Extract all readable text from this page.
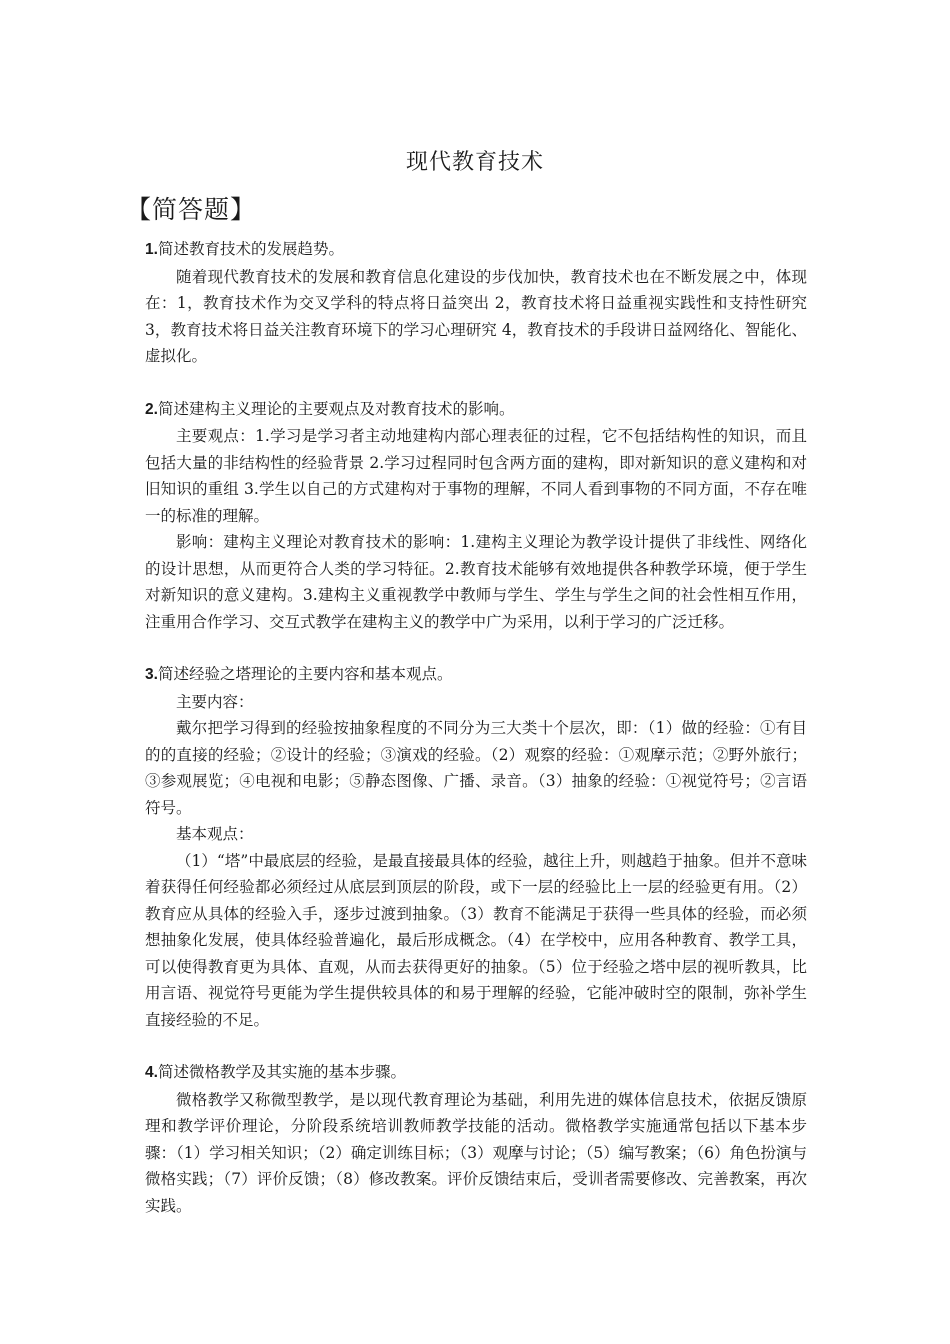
现代教育技术
【简答题】

1.简述教育技术的发展趋势。

随着现代教育技术的发展和教育信息化建设的步伐加快，教育技术也在不断发展之中，体现在：1，教育技术作为交叉学科的特点将日益突出 2，教育技术将日益重视实践性和支持性研究 3，教育技术将日益关注教育环境下的学习心理研究 4，教育技术的手段讲日益网络化、智能化、虚拟化。

2.简述建构主义理论的主要观点及对教育技术的影响。

主要观点：1.学习是学习者主动地建构内部心理表征的过程，它不包括结构性的知识，而且包括大量的非结构性的经验背景 2.学习过程同时包含两方面的建构，即对新知识的意义建构和对旧知识的重组 3.学生以自己的方式建构对于事物的理解，不同人看到事物的不同方面，不存在唯一的标准的理解。

影响：建构主义理论对教育技术的影响：1.建构主义理论为教学设计提供了非线性、网络化的设计思想，从而更符合人类的学习特征。2.教育技术能够有效地提供各种教学环境，便于学生对新知识的意义建构。3.建构主义重视教学中教师与学生、学生与学生之间的社会性相互作用，注重用合作学习、交互式教学在建构主义的教学中广为采用，以利于学习的广泛迁移。

3.简述经验之塔理论的主要内容和基本观点。

主要内容：

戴尔把学习得到的经验按抽象程度的不同分为三大类十个层次，即：（1）做的经验：①有目的的直接的经验；②设计的经验；③演戏的经验。（2）观察的经验：①观摩示范；②野外旅行；③参观展览；④电视和电影；⑤静态图像、广播、录音。（3）抽象的经验：①视觉符号；②言语符号。

基本观点：

（1）“塔”中最底层的经验，是最直接最具体的经验，越往上升，则越趋于抽象。但并不意味着获得任何经验都必须经过从底层到顶层的阶段，或下一层的经验比上一层的经验更有用。（2）教育应从具体的经验入手，逐步过渡到抽象。（3）教育不能满足于获得一些具体的经验，而必须想抽象化发展，使具体经验普遍化，最后形成概念。（4）在学校中，应用各种教育、教学工具，可以使得教育更为具体、直观，从而去获得更好的抽象。（5）位于经验之塔中层的视听教具，比用言语、视觉符号更能为学生提供较具体的和易于理解的经验，它能冲破时空的限制，弥补学生直接经验的不足。

4.简述微格教学及其实施的基本步骤。

微格教学又称微型教学，是以现代教育理论为基础，利用先进的媒体信息技术，依据反馈原理和教学评价理论，分阶段系统培训教师教学技能的活动。微格教学实施通常包括以下基本步骤：（1）学习相关知识；（2）确定训练目标；（3）观摩与讨论；（5）编写教案；（6）角色扮演与微格实践；（7）评价反馈；（8）修改教案。评价反馈结束后，受训者需要修改、完善教案，再次实践。
